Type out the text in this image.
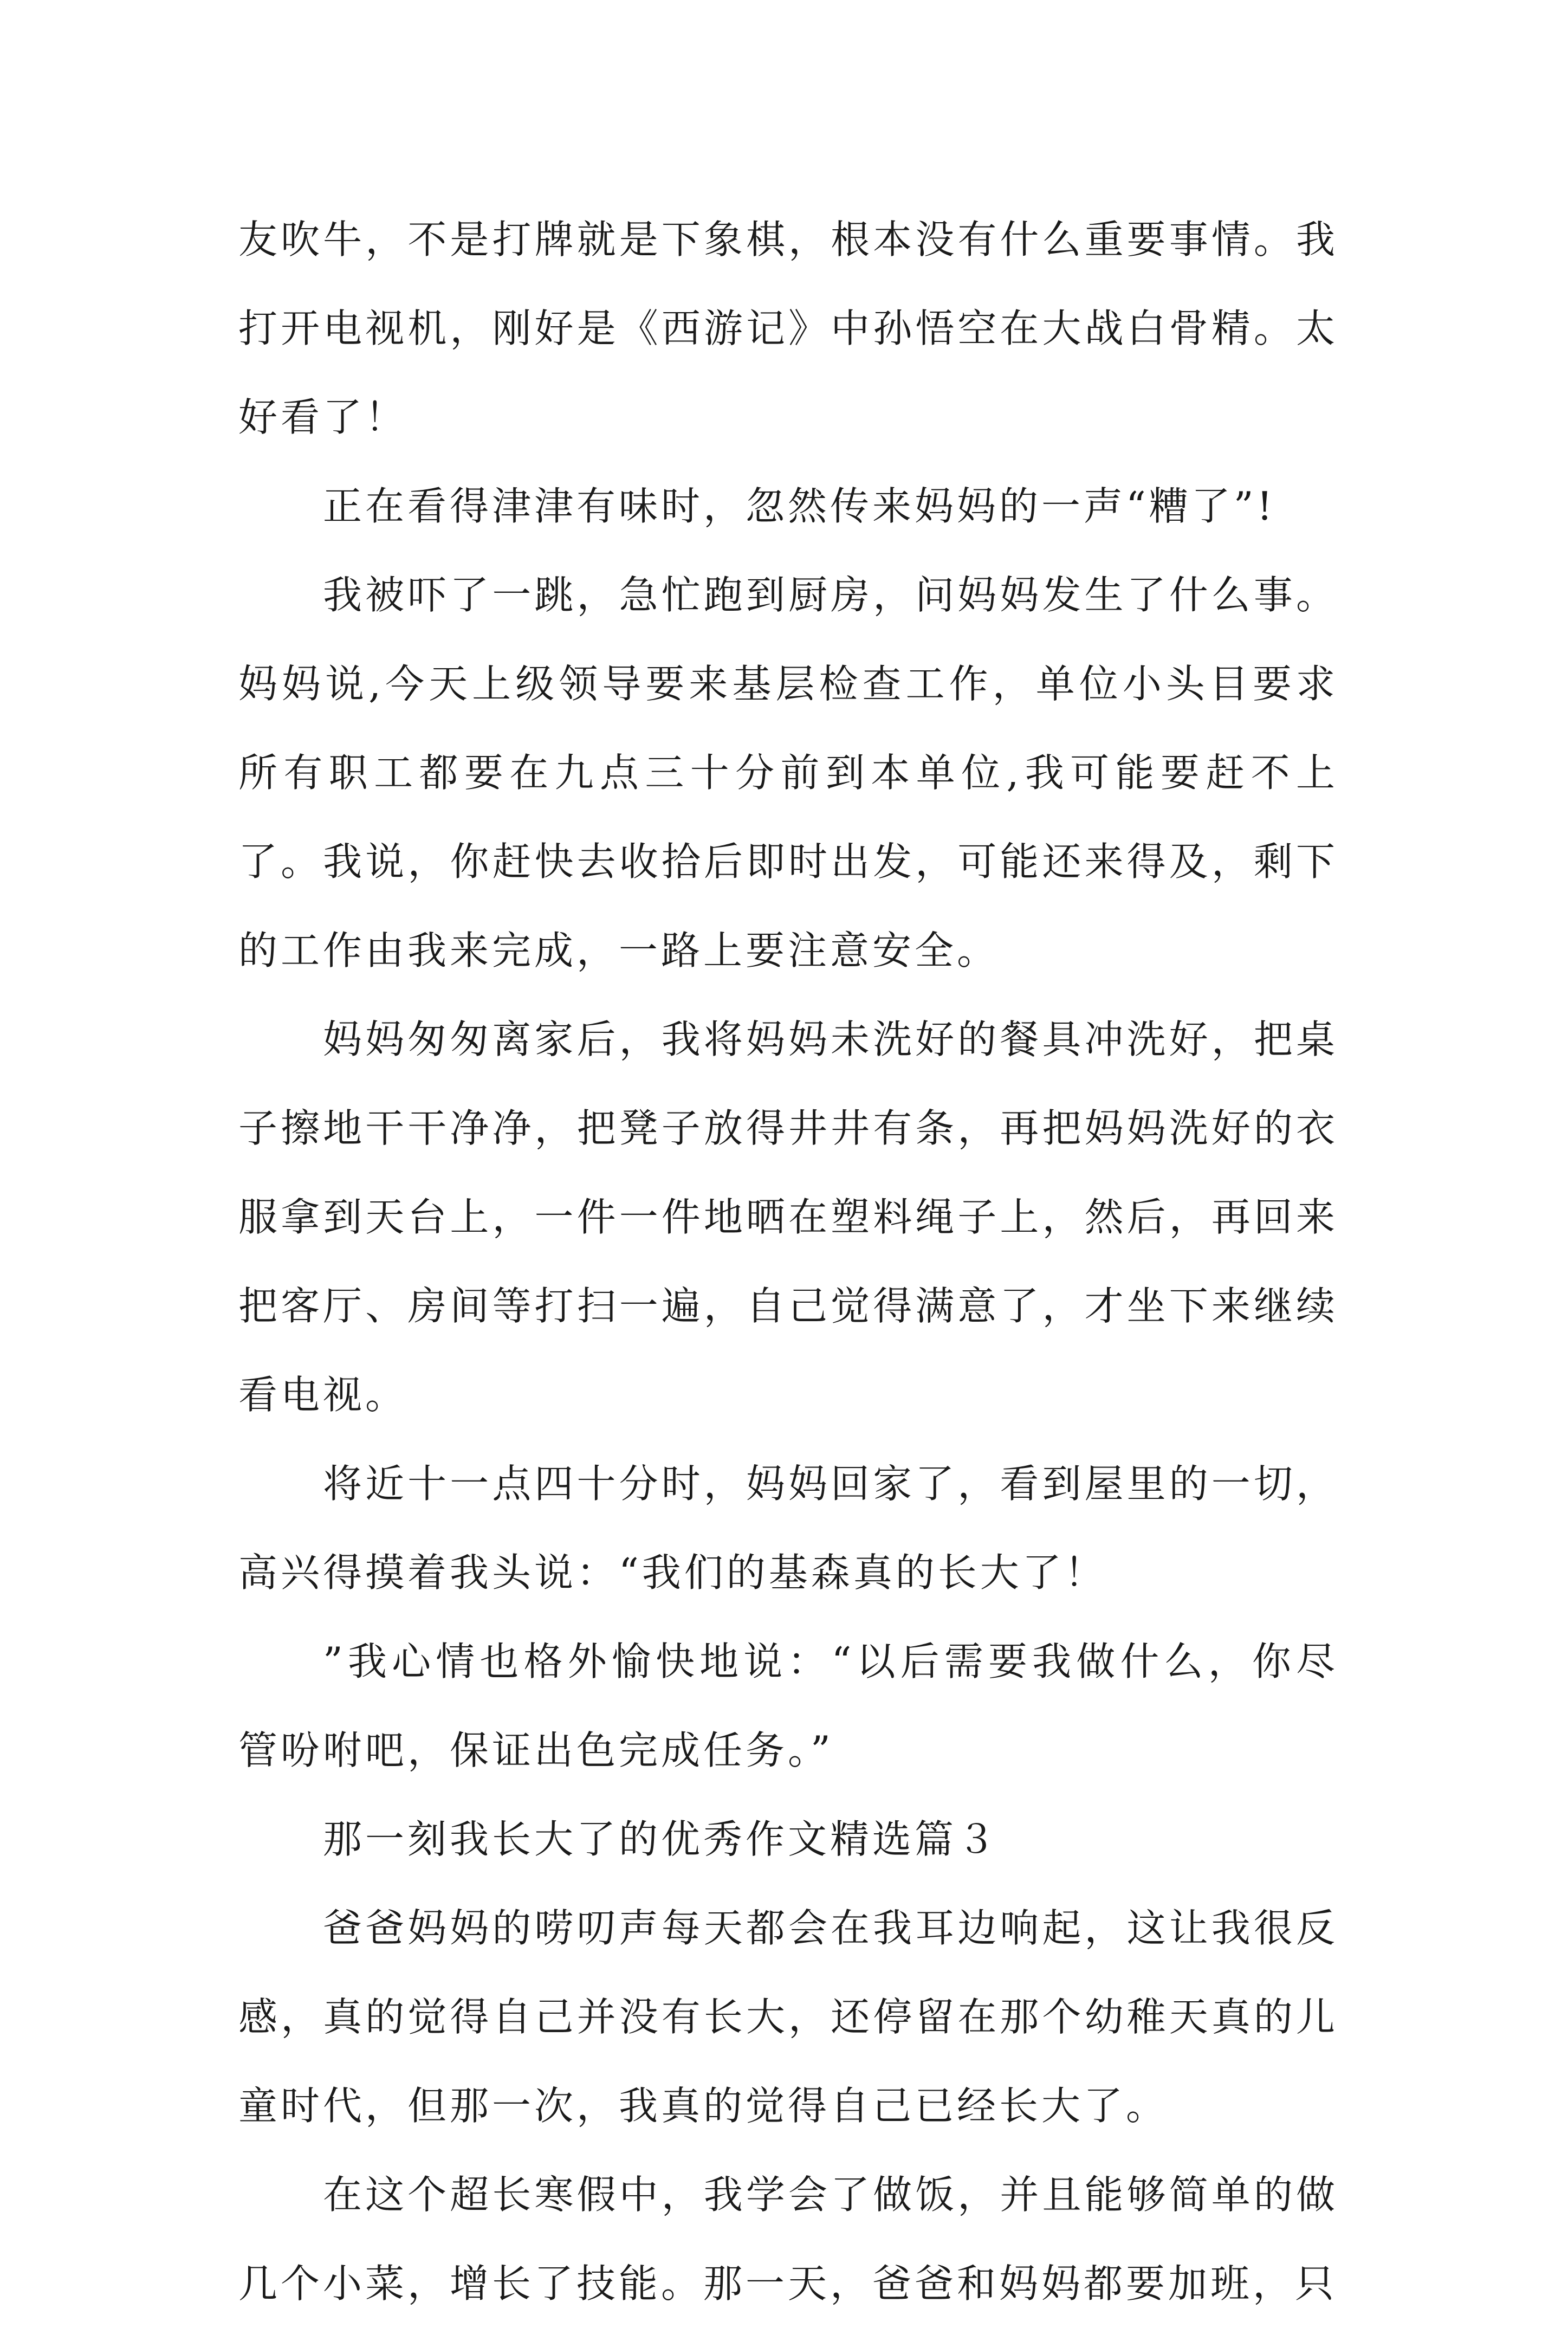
友吹牛，不是打牌就是下象棋，根本没有什么重要事情。我打开电视机，刚好是《西游记》中孙悟空在大战白骨精。太好看了！

正在看得津津有味时，忽然传来妈妈的一声“糟了”!

我被吓了一跳，急忙跑到厨房，问妈妈发生了什么事。妈妈说,今天上级领导要来基层检查工作，单位小头目要求所有职工都要在九点三十分前到本单位,我可能要赶不上了。我说，你赶快去收拾后即时出发，可能还来得及，剩下的工作由我来完成，一路上要注意安全。

妈妈匆匆离家后，我将妈妈未洗好的餐具冲洗好，把桌子擦地干干净净，把凳子放得井井有条，再把妈妈洗好的衣服拿到天台上，一件一件地晒在塑料绳子上，然后，再回来把客厅、房间等打扫一遍，自己觉得满意了，才坐下来继续看电视。

将近十一点四十分时，妈妈回家了，看到屋里的一切，高兴得摸着我头说：“我们的基森真的长大了！

”我心情也格外愉快地说：“以后需要我做什么，你尽管吩咐吧，保证出色完成任务。”

那一刻我长大了的优秀作文精选篇３

爸爸妈妈的唠叨声每天都会在我耳边响起，这让我很反感，真的觉得自己并没有长大，还停留在那个幼稚天真的儿童时代，但那一次，我真的觉得自己已经长大了。

在这个超长寒假中，我学会了做饭，并且能够简单的做几个小菜，增长了技能。那一天，爸爸和妈妈都要加班，只
